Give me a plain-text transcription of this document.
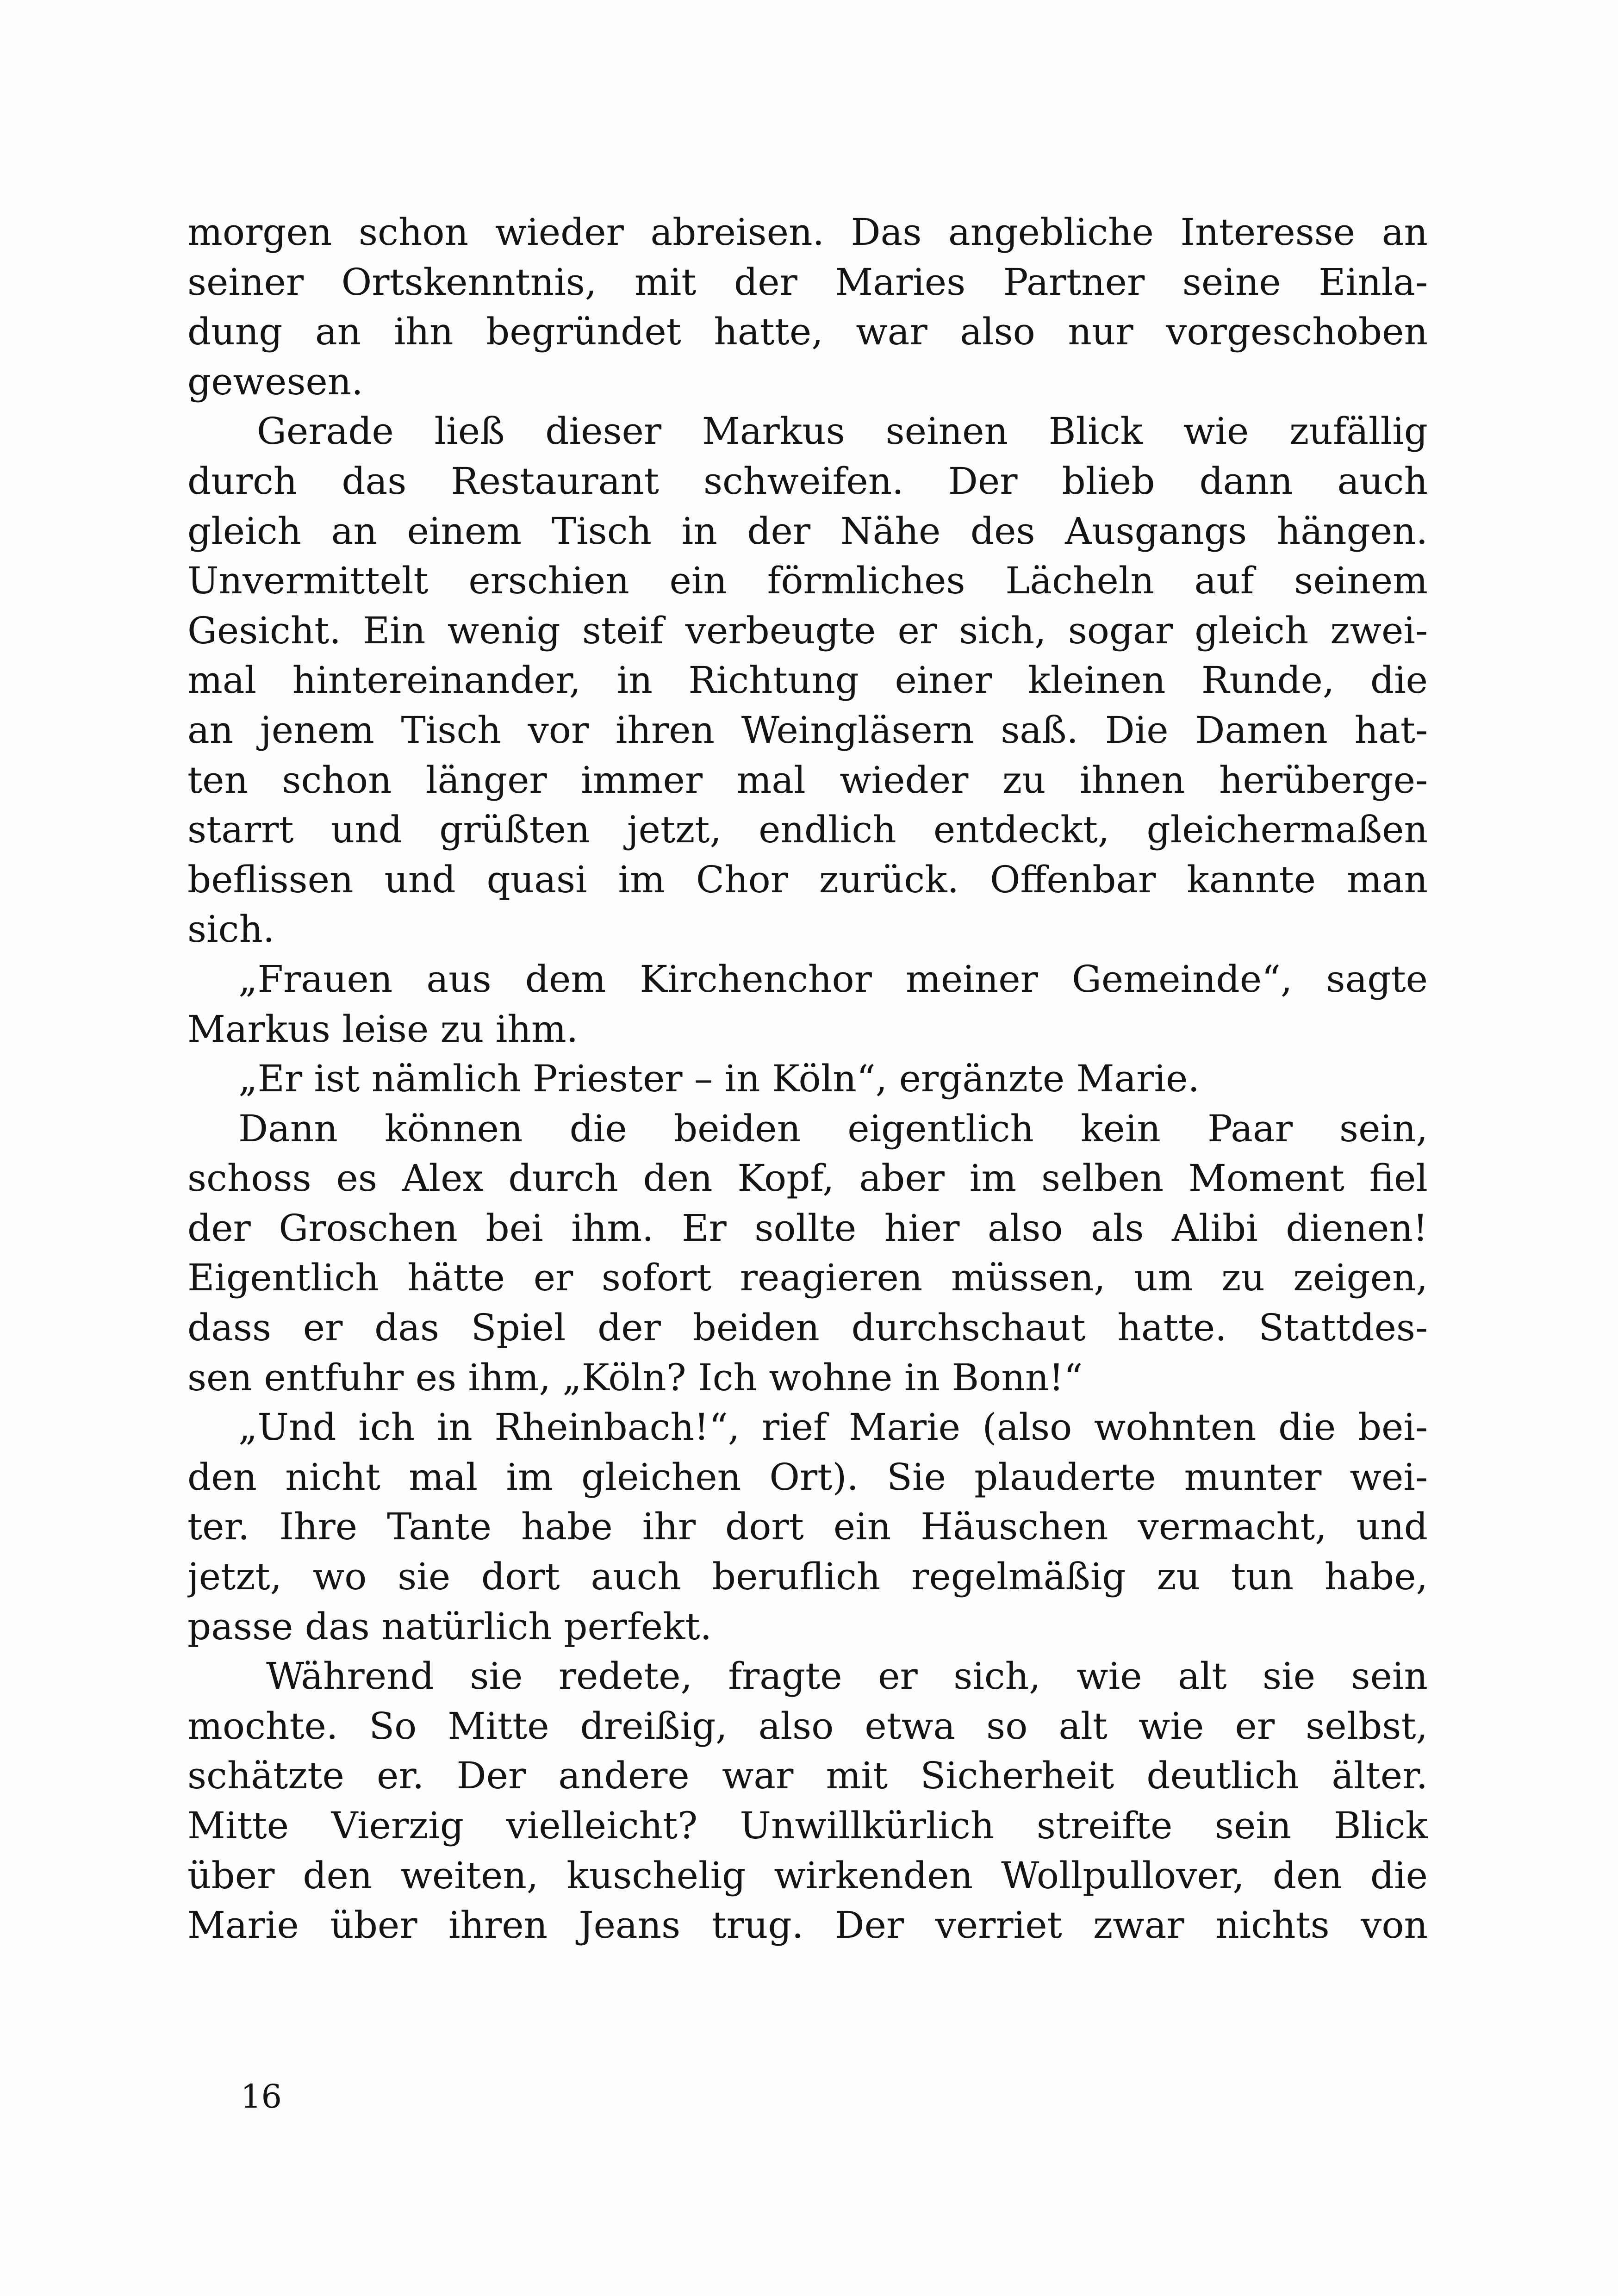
morgen schon wieder abreisen. Das angebliche Interesse an
seiner Ortskenntnis, mit der Maries Partner seine Einla-
dung an ihn begründet hatte, war also nur vorgeschoben
gewesen.
Gerade ließ dieser Markus seinen Blick wie zufällig
durch das Restaurant schweifen. Der blieb dann auch
gleich an einem Tisch in der Nähe des Ausgangs hängen.
Unvermittelt erschien ein förmliches Lächeln auf seinem
Gesicht. Ein wenig steif verbeugte er sich, sogar gleich zwei-
mal hintereinander, in Richtung einer kleinen Runde, die
an jenem Tisch vor ihren Weingläsern saß. Die Damen hat-
ten schon länger immer mal wieder zu ihnen herüberge-
starrt und grüßten jetzt, endlich entdeckt, gleichermaßen
beflissen und quasi im Chor zurück. Offenbar kannte man
sich.
„Frauen aus dem Kirchenchor meiner Gemeinde“, sagte
Markus leise zu ihm.
„Er ist nämlich Priester – in Köln“, ergänzte Marie.
Dann können die beiden eigentlich kein Paar sein,
schoss es Alex durch den Kopf, aber im selben Moment fiel
der Groschen bei ihm. Er sollte hier also als Alibi dienen!
Eigentlich hätte er sofort reagieren müssen, um zu zeigen,
dass er das Spiel der beiden durchschaut hatte. Stattdes-
sen entfuhr es ihm, „Köln? Ich wohne in Bonn!“
„Und ich in Rheinbach!“, rief Marie (also wohnten die bei-
den nicht mal im gleichen Ort). Sie plauderte munter wei-
ter. Ihre Tante habe ihr dort ein Häuschen vermacht, und
jetzt, wo sie dort auch beruflich regelmäßig zu tun habe,
passe das natürlich perfekt.
Während sie redete, fragte er sich, wie alt sie sein
mochte. So Mitte dreißig, also etwa so alt wie er selbst,
schätzte er. Der andere war mit Sicherheit deutlich älter.
Mitte Vierzig vielleicht? Unwillkürlich streifte sein Blick
über den weiten, kuschelig wirkenden Wollpullover, den die
Marie über ihren Jeans trug. Der verriet zwar nichts von
16
